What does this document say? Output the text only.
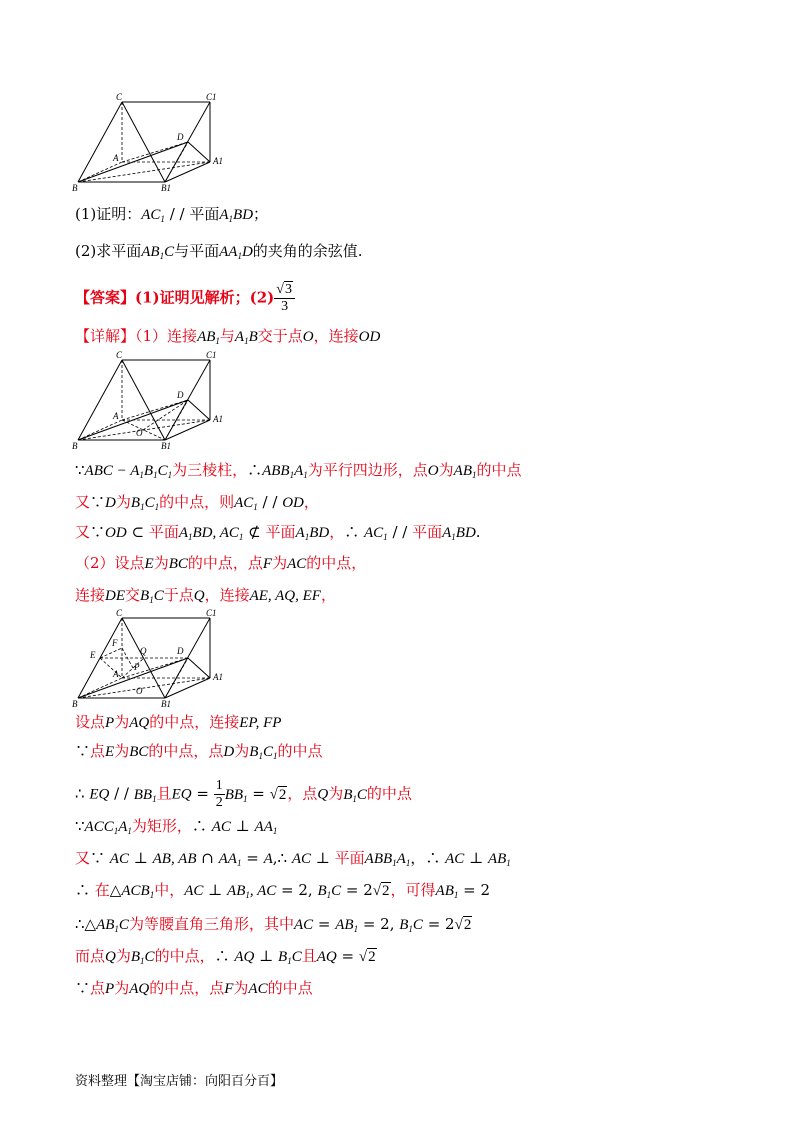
C	C1
D
A	A1
B	B1
(1)证明：$AC_1$ / / 平面$A_1BD$；
(2)求平面$AB_1C$与平面$AA_1D$的夹角的余弦值.
【答案】(1)证明见解析；$(2) \frac{√3}{3}$
【详解】（1）连接$AB_1$与$A_1B$交于点O，连接OD
C	C1
A
D
O
A1
B	B1
∵ABC − $A_1B_1C_1$为三棱柱，$\therefore ABB_1A_1$为平行四边形，点O为$AB_1$的中点
又∵D为$B_1C_1$的中点，则$AC_1$ / / OD，
又∵OD ⊂ 平面$A_1BD$, $AC_1$ ⊄ 平面$A_1BD$，∴ $AC_1$ / / 平面$A_1BD$.
（2）设点E为BC的中点，点F为AC的中点，
连接DE交$B_1C$于点Q，连接AE, AQ, EF，
C	C1
F
E	Q
P
D
A
O
A1
B	B1
设点P为AQ的中点，连接EP, FP
∵点E为BC的中点，点D为$B_1C_1$的中点
∴ EQ / / $BB_1$且EQ = $\frac{1}{2} BB_1 = √2$，点Q为$B_1C$的中点
$\because ACC_1A_1$为矩形，∴ AC ⊥ $AA_1$
又∵ AC ⊥ AB, AB ∩ $AA_1$ = A,∴ AC ⊥ 平面$ABB_1A_1$，∴ AC ⊥ $AB_1$
∴ 在$\triangle ACB_1$中，AC ⊥ $AB_1$, AC = 2, $B_1C = 2√2$，可得$AB_1 = 2$
$\therefore\triangle AB_1C$为等腰直角三角形，其中AC = $AB_1 = 2$, $B_1C = 2√2$
而点Q为$B_1C$的中点，∴ AQ ⊥ $B_1C$且AQ = √2
∵点P为AQ的中点，点F为AC的中点
资料整理【淘宝店铺：向阳百分百】
